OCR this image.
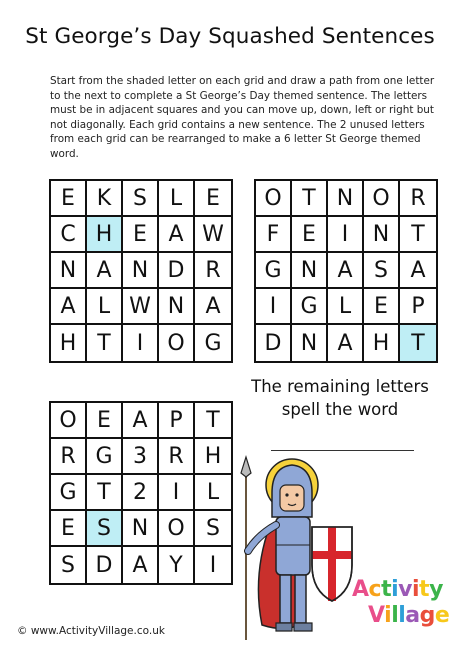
St George’s Day Squashed Sentences
Start from the shaded letter on each grid and draw a path from one letter
to the next to complete a St George’s Day themed sentence. The letters
must be in adjacent squares and you can move up, down, left or right but
not diagonally. Each grid contains a new sentence. The 2 unused letters
from each grid can be rearranged to make a 6 letter St George themed
word.
E K S	L	E
C H E A W
N A N D R
A	L W N A
H T	I	O G
O T N O R
F	E	I	N	T
G N A S	A
I	G L	E	P
D N A H	T
O E A P	T
R G 3 R H
G T	2	I	L
E	S N O S
S D A Y	I
The remaining letters
spell the word
© www.ActivityVillage.co.uk
Activity
Village
